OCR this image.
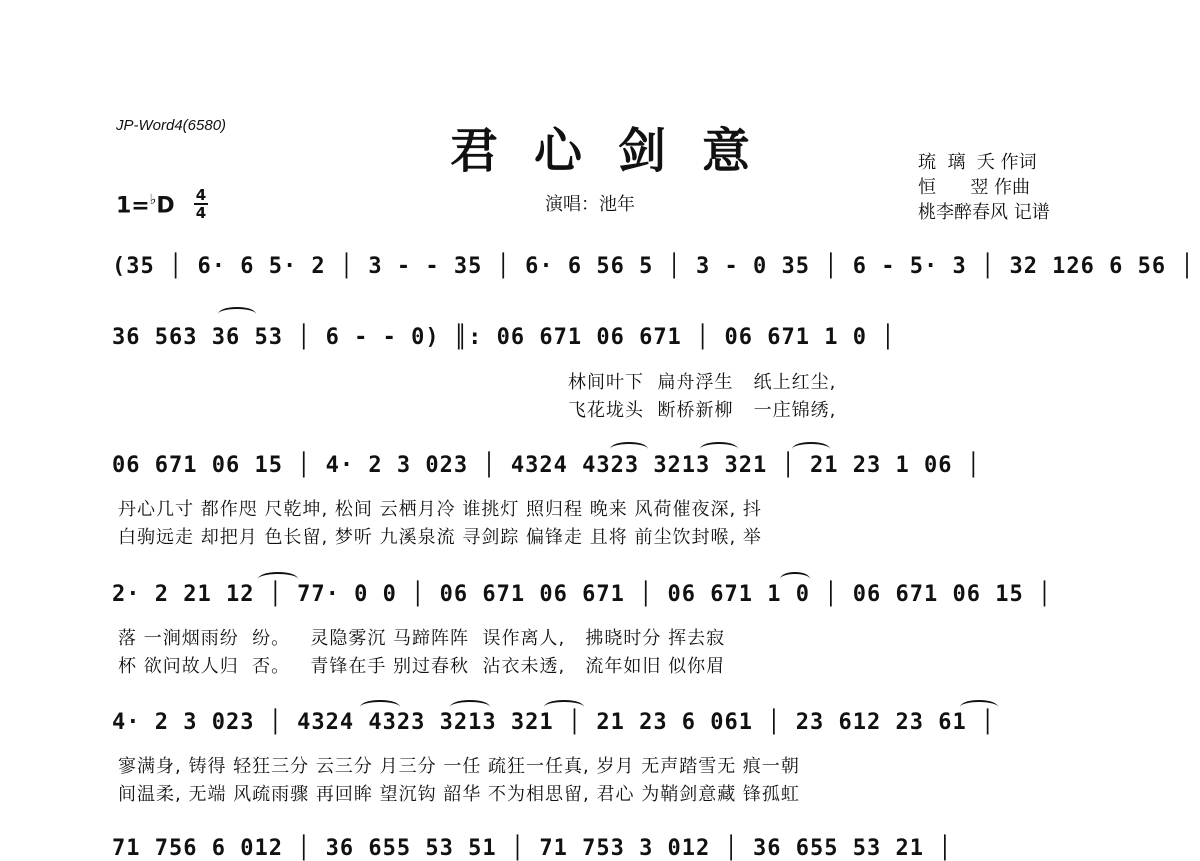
JP-Word4(6580)	君心剑意
演唱：池年
琉  璃  夭 作词
恒      翌 作曲
桃李醉春风 记谱
1=♭D 4
4
(35 │ 6· 6 5· 2 │ 3 - - 35 │ 6· 6 56 5 │ 3 - 0 35 │ 6 - 5· 3 │ 32 126 6 56 │
36 563 36 53 │ 6 - - 0) ║: 06 671 06 671 │ 06 671 1 0 │
林间叶下  扁舟浮生   纸上红尘,
飞花垅头  断桥新柳   一庄锦绣,
06 671 06 15 │ 4· 2 3 023 │ 4324 4323 3213 321 │ 21 23 1 06 │
丹心几寸 都作咫 尺乾坤, 松间 云栖月冷 谁挑灯 照归程 晚来 风荷催夜深, 抖
白驹远走 却把月 色长留, 梦听 九溪泉流 寻剑踪 偏锋走 且将 前尘饮封喉, 举
2· 2 21 12 │ 77· 0 0 │ 06 671 06 671 │ 06 671 1 0 │ 06 671 06 15 │
落 一涧烟雨纷  纷。   灵隐雾沉 马蹄阵阵  误作离人,   拂晓时分 挥去寂
杯 欲问故人归  否。   青锋在手 别过春秋  沾衣未透,   流年如旧 似你眉
4· 2 3 023 │ 4324 4323 3213 321 │ 21 23 6 061 │ 23 612 23 61 │
寥满身, 铸得 轻狂三分 云三分 月三分 一任 疏狂一任真, 岁月 无声踏雪无 痕一朝
间温柔, 无端 风疏雨骤 再回眸 望沉钩 韶华 不为相思留, 君心 为鞘剑意藏 锋孤虹
71 756 6 012 │ 36 655 53 51 │ 71 753 3 012 │ 36 655 53 21 │
